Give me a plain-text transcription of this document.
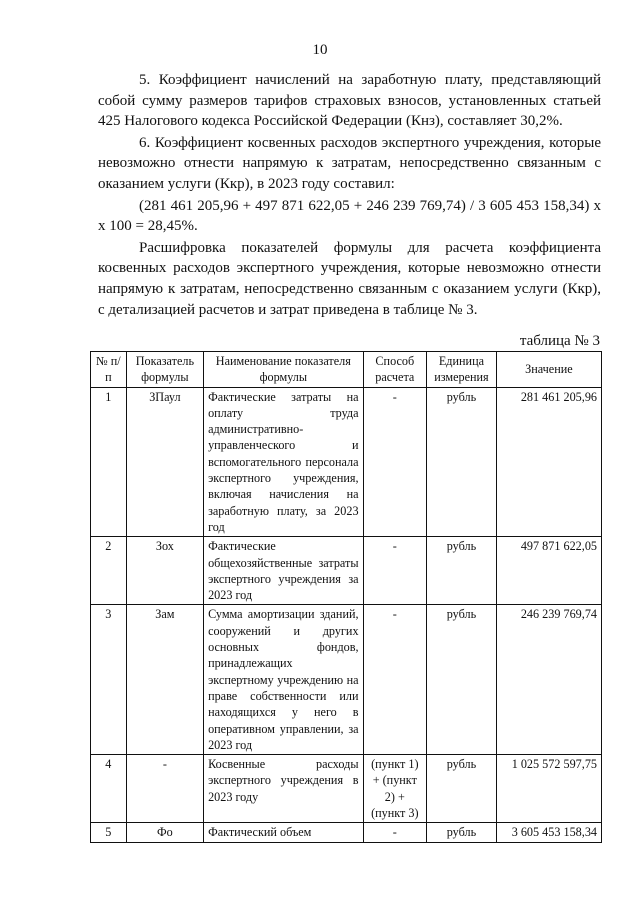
10

5. Коэффициент начислений на заработную плату, представляющий собой сумму размеров тарифов страховых взносов, установленных статьей 425 Налогового кодекса Российской Федерации (Кнз), составляет 30,2%.

6. Коэффициент косвенных расходов экспертного учреждения, которые невозможно отнести напрямую к затратам, непосредственно связанным с оказанием услуги (Ккр), в 2023 году составил:

(281 461 205,96 + 497 871 622,05 + 246 239 769,74) / 3 605 453 158,34) х х 100 = 28,45%.

Расшифровка показателей формулы для расчета коэффициента косвенных расходов экспертного учреждения, которые невозможно отнести напрямую к затратам, непосредственно связанным с оказанием услуги (Ккр), с детализацией расчетов и затрат приведена в таблице № 3.

таблица № 3
№ п/п	Показатель формулы	Наименование показателя формулы	Способ расчета	Единица измерения	Значение
1	ЗПаул	Фактические затраты на оплату труда административно-управленческого и вспомогательного персонала экспертного учреждения, включая начисления на заработную плату, за 2023 год	-	рубль	281 461 205,96
2	Зох	Фактические общехозяйственные затраты экспертного учреждения за 2023 год	-	рубль	497 871 622,05
3	Зам	Сумма амортизации зданий, сооружений и других основных фондов, принадлежащих экспертному учреждению на праве собственности или находящихся у него в оперативном управлении, за 2023 год	-	рубль	246 239 769,74
4	-	Косвенные расходы экспертного учреждения в 2023 году	(пункт 1) + (пункт 2) + (пункт 3)	рубль	1 025 572 597,75
5	Фо	Фактический объем	-	рубль	3 605 453 158,34
